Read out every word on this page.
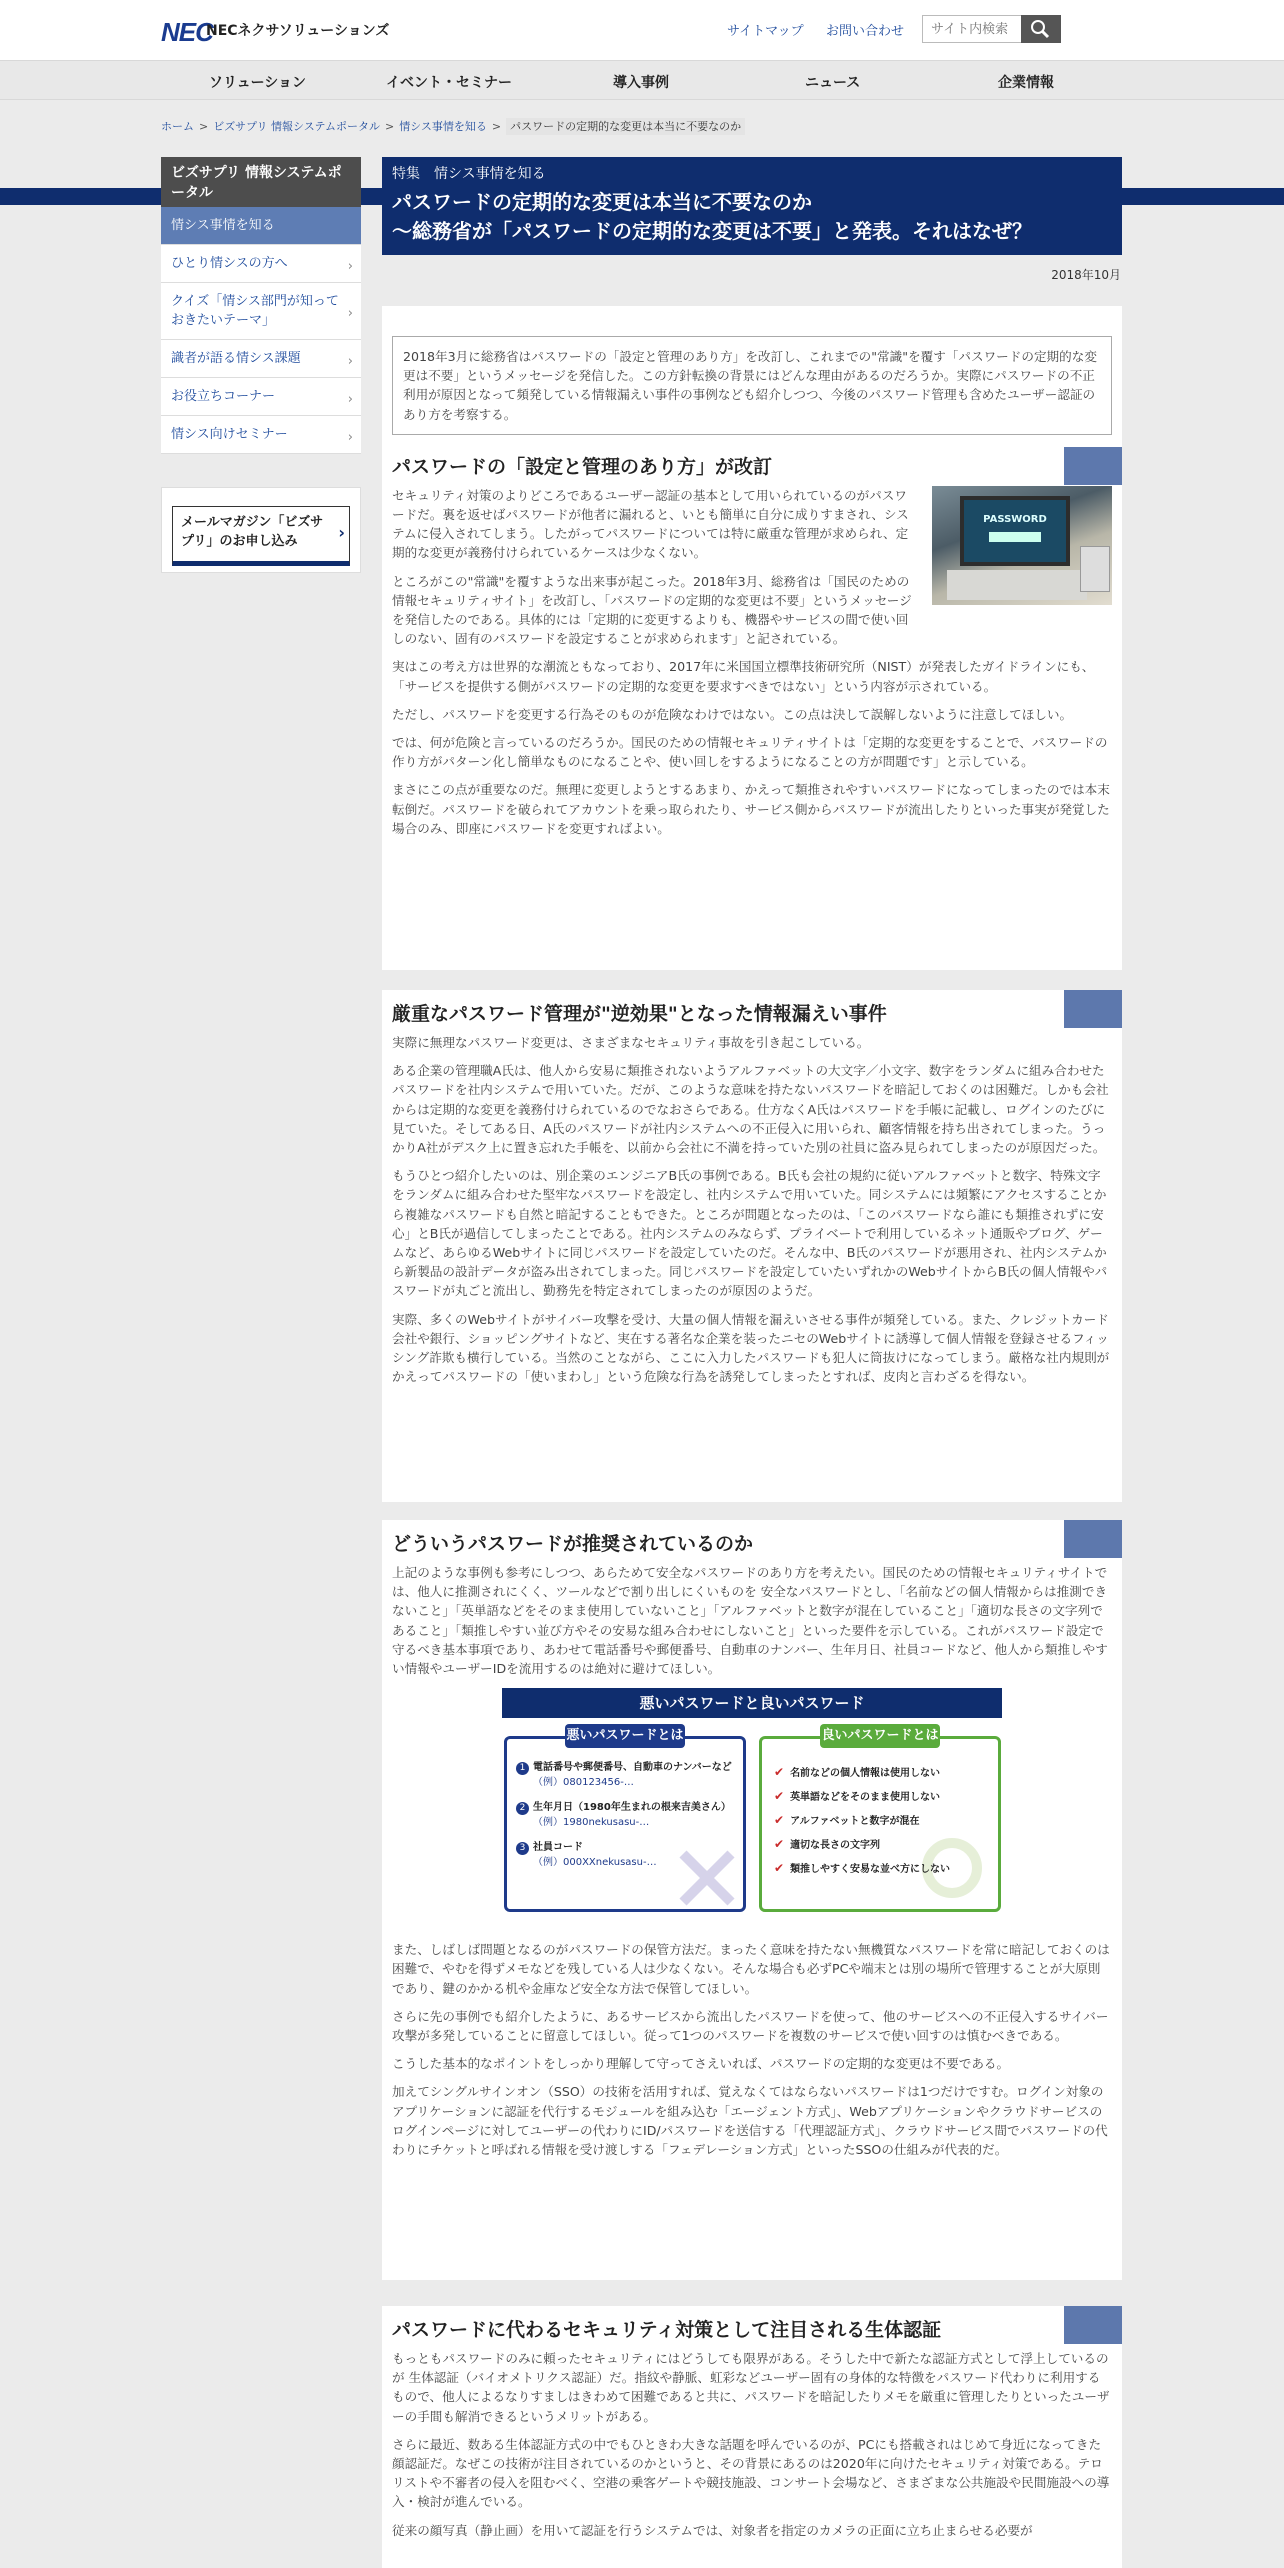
NEC
NECネクサソリューションズ	サイトマップ お問い合わせ
サイト内検索
ソリューション	イベント・セミナー	導入事例	ニュース	企業情報
ホーム > ビズサプリ 情報システムポータル > 情シス事情を知る > パスワードの定期的な変更は本当に不要なのか
ビズサプリ 情報システムポータル
情シス事情を知る
ひとり情シスの方へ	›
クイズ「情シス部門が知っておきたいテーマ」	›
識者が語る情シス課題	›
お役立ちコーナー	›
情シス向けセミナー	›
メールマガジン「ビズサプリ」のお申し込み	›
特集　情シス事情を知る
パスワードの定期的な変更は本当に不要なのか
～総務省が「パスワードの定期的な変更は不要」と発表。それはなぜ？
2018年10月
2018年3月に総務省はパスワードの「設定と管理のあり方」を改訂し、これまでの"常識"を覆す「パスワードの定期的な変更は不要」というメッセージを発信した。この方針転換の背景にはどんな理由があるのだろうか。実際にパスワードの不正利用が原因となって頻発している情報漏えい事件の事例なども紹介しつつ、今後のパスワード管理も含めたユーザー認証のあり方を考察する。
パスワードの「設定と管理のあり方」が改訂
PASSWORD

セキュリティ対策のよりどころであるユーザー認証の基本として用いられているのがパスワードだ。裏を返せばパスワードが他者に漏れると、いとも簡単に自分に成りすまされ、システムに侵入されてしまう。したがってパスワードについては特に厳重な管理が求められ、定期的な変更が義務付けられているケースは少なくない。

ところがこの"常識"を覆すような出来事が起こった。2018年3月、総務省は「国民のための情報セキュリティサイト」を改訂し、「パスワードの定期的な変更は不要」というメッセージを発信したのである。具体的には「定期的に変更するよりも、機器やサービスの間で使い回しのない、固有のパスワードを設定することが求められます」と記されている。

実はこの考え方は世界的な潮流ともなっており、2017年に米国国立標準技術研究所（NIST）が発表したガイドラインにも、「サービスを提供する側がパスワードの定期的な変更を要求すべきではない」という内容が示されている。

ただし、パスワードを変更する行為そのものが危険なわけではない。この点は決して誤解しないように注意してほしい。

では、何が危険と言っているのだろうか。国民のための情報セキュリティサイトは「定期的な変更をすることで、パスワードの作り方がパターン化し簡単なものになることや、使い回しをするようになることの方が問題です」と示している。

まさにこの点が重要なのだ。無理に変更しようとするあまり、かえって類推されやすいパスワードになってしまったのでは本末転倒だ。パスワードを破られてアカウントを乗っ取られたり、サービス側からパスワードが流出したりといった事実が発覚した場合のみ、即座にパスワードを変更すればよい。

厳重なパスワード管理が"逆効果"となった情報漏えい事件

実際に無理なパスワード変更は、さまざまなセキュリティ事故を引き起こしている。

ある企業の管理職A氏は、他人から安易に類推されないようアルファベットの大文字／小文字、数字をランダムに組み合わせたパスワードを社内システムで用いていた。だが、このような意味を持たないパスワードを暗記しておくのは困難だ。しかも会社からは定期的な変更を義務付けられているのでなおさらである。仕方なくA氏はパスワードを手帳に記載し、ログインのたびに見ていた。そしてある日、A氏のパスワードが社内システムへの不正侵入に用いられ、顧客情報を持ち出されてしまった。うっかりA社がデスク上に置き忘れた手帳を、以前から会社に不満を持っていた別の社員に盗み見られてしまったのが原因だった。

もうひとつ紹介したいのは、別企業のエンジニアB氏の事例である。B氏も会社の規約に従いアルファベットと数字、特殊文字をランダムに組み合わせた堅牢なパスワードを設定し、社内システムで用いていた。同システムには頻繁にアクセスすることから複雑なパスワードも自然と暗記することもできた。ところが問題となったのは、「このパスワードなら誰にも類推されずに安心」とB氏が過信してしまったことである。社内システムのみならず、プライベートで利用しているネット通販やブログ、ゲームなど、あらゆるWebサイトに同じパスワードを設定していたのだ。そんな中、B氏のパスワードが悪用され、社内システムから新製品の設計データが盗み出されてしまった。同じパスワードを設定していたいずれかのWebサイトからB氏の個人情報やパスワードが丸ごと流出し、勤務先を特定されてしまったのが原因のようだ。

実際、多くのWebサイトがサイバー攻撃を受け、大量の個人情報を漏えいさせる事件が頻発している。また、クレジットカード会社や銀行、ショッピングサイトなど、実在する著名な企業を装ったニセのWebサイトに誘導して個人情報を登録させるフィッシング詐欺も横行している。当然のことながら、ここに入力したパスワードも犯人に筒抜けになってしまう。厳格な社内規則がかえってパスワードの「使いまわし」という危険な行為を誘発してしまったとすれば、皮肉と言わざるを得ない。

どういうパスワードが推奨されているのか

上記のような事例も参考にしつつ、あらためて安全なパスワードのあり方を考えたい。国民のための情報セキュリティサイトでは、他人に推測されにくく、ツールなどで割り出しにくいものを 安全なパスワードとし、「名前などの個人情報からは推測できないこと」「英単語などをそのまま使用していないこと」「アルファベットと数字が混在していること」「適切な長さの文字列であること」「類推しやすい並び方やその安易な組み合わせにしないこと」といった要件を示している。これがパスワード設定で守るべき基本事項であり、あわせて電話番号や郵便番号、自動車のナンバー、生年月日、社員コードなど、他人から類推しやすい情報やユーザーIDを流用するのは絶対に避けてほしい。

悪いパスワードと良いパスワード
悪いパスワードとは	良いパスワードとは
1 電話番号や郵便番号、自動車のナンバーなど
（例）080123456-…
2 生年月日（1980年生まれの根来吉美さん）
（例）1980nekusasu-…
3 社員コード
（例）000XXnekusasu-…
✔ 名前などの個人情報は使用しない
✔ 英単語などをそのまま使用しない
✔ アルファベットと数字が混在
✔ 適切な長さの文字列
✔ 類推しやすく安易な並べ方にしない

また、しばしば問題となるのがパスワードの保管方法だ。まったく意味を持たない無機質なパスワードを常に暗記しておくのは困難で、やむを得ずメモなどを残している人は少なくない。そんな場合も必ずPCや端末とは別の場所で管理することが大原則であり、鍵のかかる机や金庫など安全な方法で保管してほしい。

さらに先の事例でも紹介したように、あるサービスから流出したパスワードを使って、他のサービスへの不正侵入するサイバー攻撃が多発していることに留意してほしい。従って1つのパスワードを複数のサービスで使い回すのは慎むべきである。

こうした基本的なポイントをしっかり理解して守ってさえいれば、パスワードの定期的な変更は不要である。

加えてシングルサインオン（SSO）の技術を活用すれば、覚えなくてはならないパスワードは1つだけですむ。ログイン対象のアプリケーションに認証を代行するモジュールを組み込む「エージェント方式」、Webアプリケーションやクラウドサービスのログインページに対してユーザーの代わりにID/パスワードを送信する「代理認証方式」、クラウドサービス間でパスワードの代わりにチケットと呼ばれる情報を受け渡しする「フェデレーション方式」といったSSOの仕組みが代表的だ。

パスワードに代わるセキュリティ対策として注目される生体認証

もっともパスワードのみに頼ったセキュリティにはどうしても限界がある。そうした中で新たな認証方式として浮上しているのが 生体認証（バイオメトリクス認証）だ。指紋や静脈、虹彩などユーザー固有の身体的な特徴をパスワード代わりに利用するもので、他人によるなりすましはきわめて困難であると共に、パスワードを暗記したりメモを厳重に管理したりといったユーザーの手間も解消できるというメリットがある。

さらに最近、数ある生体認証方式の中でもひときわ大きな話題を呼んでいるのが、PCにも搭載されはじめて身近になってきた顔認証だ。なぜこの技術が注目されているのかというと、その背景にあるのは2020年に向けたセキュリティ対策である。テロリストや不審者の侵入を阻むべく、空港の乗客ゲートや競技施設、コンサート会場など、さまざまな公共施設や民間施設への導入・検討が進んでいる。

従来の顔写真（静止画）を用いて認証を行うシステムでは、対象者を指定のカメラの正面に立ち止まらせる必要が
